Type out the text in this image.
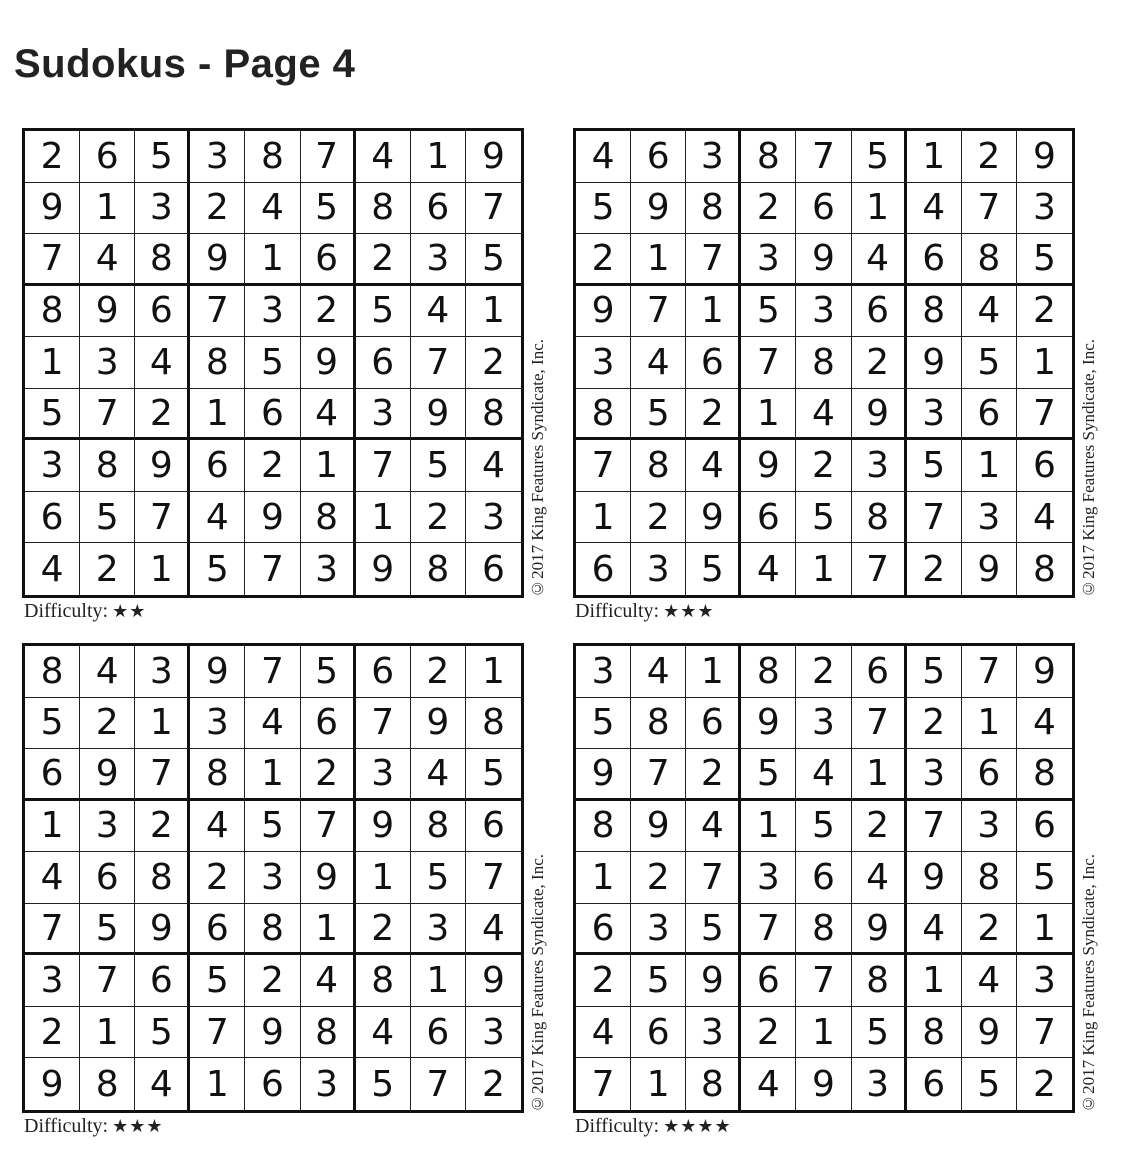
Sudokus - Page 4
2 6 5 3 8 7 4 1 9
9 1 3 2 4 5 8 6 7
7 4 8 9 1 6 2 3 5
8 9 6 7 3 2 5 4 1
1 3 4 8 5 9 6 7 2
5 7 2 1 6 4 3 9 8
3 8 9 6 2 1 7 5 4
6 5 7 4 9 8 1 2 3
4 2 1 5 7 3 9 8 6	©2017 King Features Syndicate, Inc.
Difficulty: ★★
4 6 3 8 7 5 1 2 9
5 9 8 2 6 1 4 7 3
2 1 7 3 9 4 6 8 5
9 7 1 5 3 6 8 4 2
3 4 6 7 8 2 9 5 1
8 5 2 1 4 9 3 6 7
7 8 4 9 2 3 5 1 6
1 2 9 6 5 8 7 3 4
6 3 5 4 1 7 2 9 8	©2017 King Features Syndicate, Inc.
Difficulty: ★★★
8 4 3 9 7 5 6 2 1
5 2 1 3 4 6 7 9 8
6 9 7 8 1 2 3 4 5
1 3 2 4 5 7 9 8 6
4 6 8 2 3 9 1 5 7
7 5 9 6 8 1 2 3 4
3 7 6 5 2 4 8 1 9
2 1 5 7 9 8 4 6 3
9 8 4 1 6 3 5 7 2	©2017 King Features Syndicate, Inc.
Difficulty: ★★★
3 4 1 8 2 6 5 7 9
5 8 6 9 3 7 2 1 4
9 7 2 5 4 1 3 6 8
8 9 4 1 5 2 7 3 6
1 2 7 3 6 4 9 8 5
6 3 5 7 8 9 4 2 1
2 5 9 6 7 8 1 4 3
4 6 3 2 1 5 8 9 7
7 1 8 4 9 3 6 5 2	©2017 King Features Syndicate, Inc.
Difficulty: ★★★★
